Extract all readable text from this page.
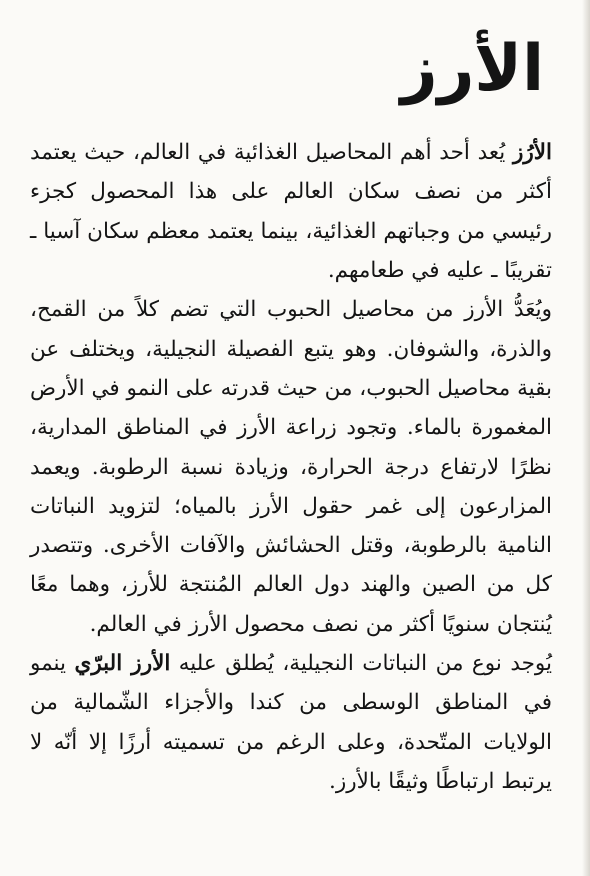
الأرز

الأرُز يُعد أحد أهم المحاصيل الغذائية في العالم، حيث يعتمد أكثر من نصف سكان العالم على هذا المحصول كجزء رئيسي من وجباتهم الغذائية، بينما يعتمد معظم سكان آسيا ـ تقريبًا ـ عليه في طعامهم.

ويُعَدُّ الأرز من محاصيل الحبوب التي تضم كلاً من القمح، والذرة، والشوفان. وهو يتبع الفصيلة النجيلية، ويختلف عن بقية محاصيل الحبوب، من حيث قدرته على النمو في الأرض المغمورة بالماء. وتجود زراعة الأرز في المناطق المدارية، نظرًا لارتفاع درجة الحرارة، وزيادة نسبة الرطوبة. ويعمد المزارعون إلى غمر حقول الأرز بالمياه؛ لتزويد النباتات النامية بالرطوبة، وقتل الحشائش والآفات الأخرى. وتتصدر كل من الصين والهند دول العالم المُنتجة للأرز، وهما معًا يُنتجان سنويًا أكثر من نصف محصول الأرز في العالم.

يُوجد نوع من النباتات النجيلية، يُطلق عليه الأرز البرّي ينمو في المناطق الوسطى من كندا والأجزاء الشّمالية من الولايات المتّحدة، وعلى الرغم من تسميته أرزًا إلا أنّه لا يرتبط ارتباطًا وثيقًا بالأرز.
